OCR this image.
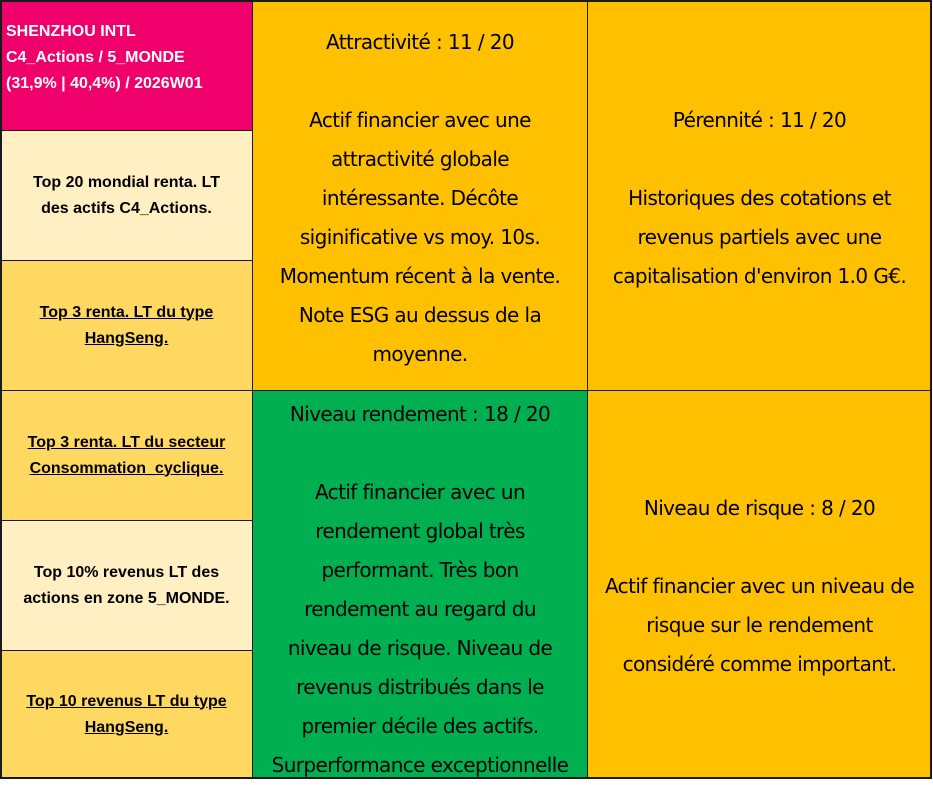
SHENZHOU INTL
C4_Actions / 5_MONDE
(31,9% | 40,4%) / 2026W01
Top 20 mondial renta. LT
des actifs C4_Actions.
Top 3 renta. LT du type
HangSeng.
Top 3 renta. LT du secteur
Consommation_cyclique.
Top 10% revenus LT des
actions en zone 5_MONDE.
Top 10 revenus LT du type
HangSeng.
Attractivité : 11 / 20
Actif financier avec une
attractivité globale
intéressante. Décôte
siginificative vs moy. 10s.
Momentum récent à la vente.
Note ESG au dessus de la
moyenne.
Pérennité : 11 / 20
Historiques des cotations et
revenus partiels avec une
capitalisation d'environ 1.0 G€.
Niveau rendement : 18 / 20
Actif financier avec un
rendement global très
performant. Très bon
rendement au regard du
niveau de risque. Niveau de
revenus distribués dans le
premier décile des actifs.
Surperformance exceptionnelle
Niveau de risque : 8 / 20
Actif financier avec un niveau de
risque sur le rendement
considéré comme important.
